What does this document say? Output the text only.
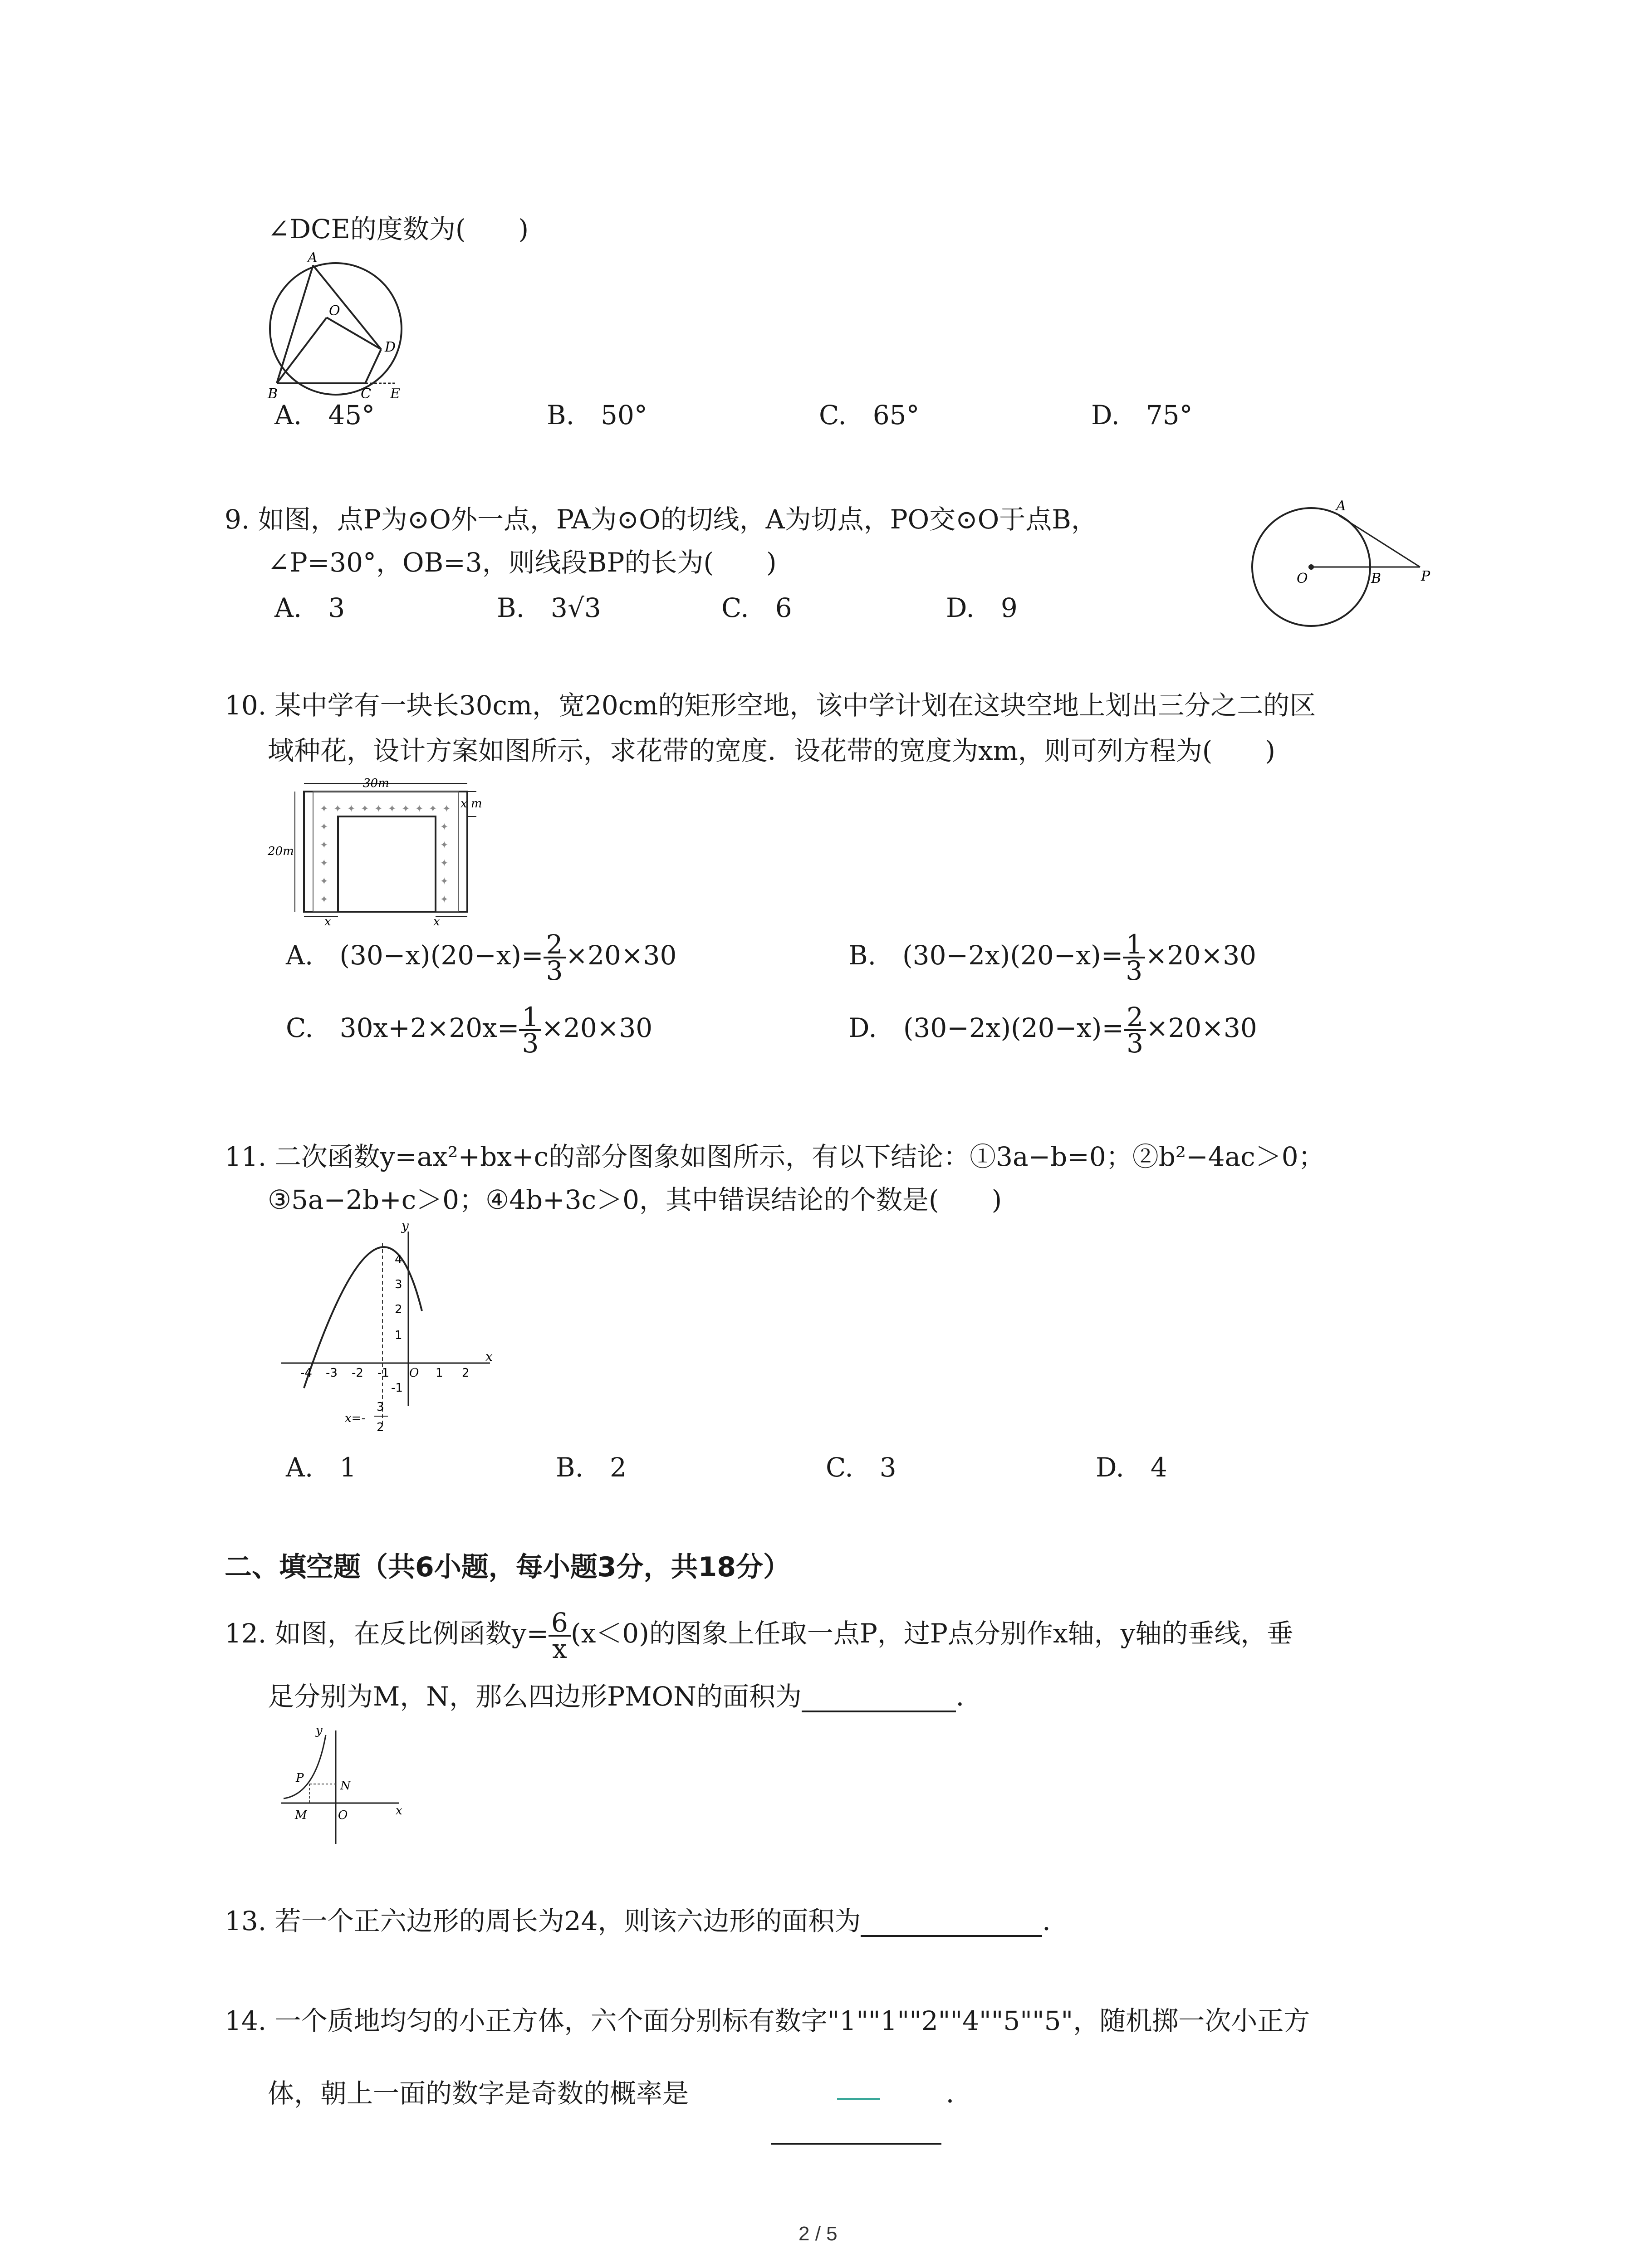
∠DCE的度数为(　　)
A
O
D
B	C E
A.　45°	B.　50°	C.　65°	D.　75°
9. 如图，点P为⊙O外一点，PA为⊙O的切线，A为切点，PO交⊙O于点B，
∠P=30°，OB=3，则线段BP的长为(　　)
A
O	B	P
A.　3	B.　3√3	C.　6	D.　9
10. 某中学有一块长30cm，宽20cm的矩形空地，该中学计划在这块空地上划出三分之二的区
域种花，设计方案如图所示，求花带的宽度．设花带的宽度为xm，则可列方程为(　　)
✦ ✦ ✦ ✦ ✦ ✦ ✦ ✦ ✦ ✦
✦
✦
✦
✦
✦
✦
✦
✦
✦
✦
30m
20m
x m
x	x
A.　$(30-x)(20-x)= \frac{2}{3} \times 20\times 30$	B.　$(30-2x)(20-x)= \frac{1}{3} \times 20\times 30$
C.　$30x+2\times 20x= \frac{1}{3} \times 20\times 30$	D.　$(30-2x)(20-x)= \frac{2}{3} \times 20\times 30$
11. 二次函数y=ax²+bx+c的部分图象如图所示，有以下结论：①3a−b=0；②b²−4ac＞0；
③5a−2b+c＞0；④4b+3c＞0，其中错误结论的个数是(　　)
y
x
O
-4 -3 -2 -1	1 2
4
3
2
1
-1
x=-
3
2
A.　1	B.　2	C.　3	D.　4
二、填空题（共6小题，每小题3分，共18分）
12. 如图，在反比例函数$y= \frac{6}{x} (x<0)$的图象上任取一点P，过P点分别作x轴，y轴的垂线，垂
足分别为M，N，那么四边形PMON的面积为	．
y
P
N
M	O	x
13. 若一个正六边形的周长为24，则该六边形的面积为	．
14. 一个质地均匀的小正方体，六个面分别标有数字"1""1""2""4""5""5"，随机掷一次小正方
体，朝上一面的数字是奇数的概率是	．
2 / 5
